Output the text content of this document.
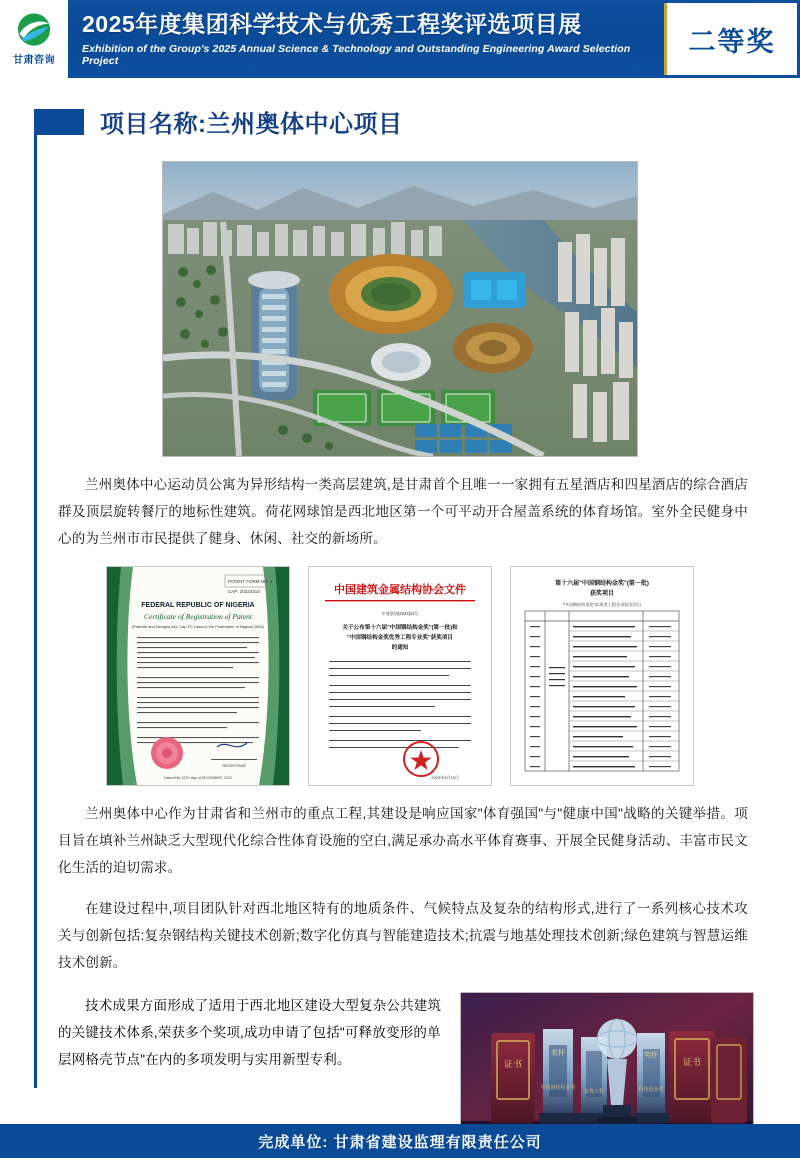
甘肃咨询
2025年度集团科学技术与优秀工程奖评选项目展
Exhibition of the Group's 2025 Annual Science & Technology and Outstanding Engineering Award Selection Project
二等奖
项目名称:兰州奥体中心项目

兰州奥体中心运动员公寓为异形结构一类高层建筑,是甘肃首个且唯一一家拥有五星酒店和四星酒店的综合酒店群及顶层旋转餐厅的地标性建筑。荷花网球馆是西北地区第一个可平动开合屋盖系统的体育场馆。室外全民健身中心的为兰州市市民提供了健身、休闲、社交的新场所。

PATENT FORM NO. 4
CAP: 20223314
FEDERAL REPUBLIC OF NIGERIA
Certificate of Registration of Patent
(Patents and Designs Act, Cap P2 Laws of the Federation of Nigeria 2004)
REGISTRAR
Dated this 13TH day of DECEMBER, 2022
中国建筑金属结构协会文件
中建金协[2023]24号
关于公布第十六届"中国钢结构金奖"(第一批)和
"中国钢结构金奖优秀工程专业奖"获奖项目
的通知
2023年6月15日
第十六届"中国钢结构金奖"(第一批)
获奖项目
"中国钢结构金奖"标准类工程名录获奖项目

兰州奥体中心作为甘肃省和兰州市的重点工程,其建设是响应国家"体育强国"与"健康中国"战略的关键举措。项目旨在填补兰州缺乏大型现代化综合性体育设施的空白,满足承办高水平体育赛事、开展全民健身活动、丰富市民文化生活的迫切需求。

在建设过程中,项目团队针对西北地区特有的地质条件、气候特点及复杂的结构形式,进行了一系列核心技术攻关与创新包括:复杂钢结构关键技术创新;数字化仿真与智能建造技术;抗震与地基处理技术创新;绿色建筑与智慧运维技术创新。

技术成果方面形成了适用于西北地区建设大型复杂公共建筑的关键技术体系,荣获多个奖项,成功申请了包括"可释放变形的单层网格壳节点"在内的多项发明与实用新型专利。	证书	证书
中国钢结构金奖
优秀工程	科技进步奖
奖杯	奖杯
完成单位: 甘肃省建设监理有限责任公司
